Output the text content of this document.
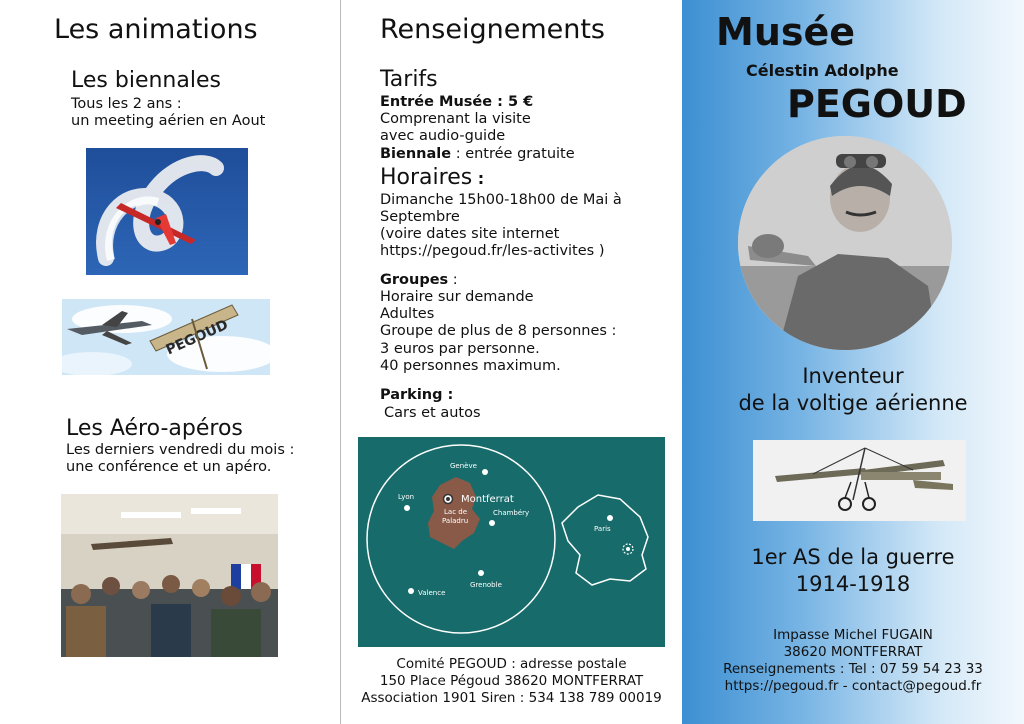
Les animations
Les biennales
Tous les 2 ans :
un meeting aérien en Aout
Les Aéro-apéros
Les derniers vendredi du mois :
une conférence et un apéro.
Renseignements
Tarifs
Entrée Musée : 5 €
Comprenant la visite
avec audio-guide
Biennale : entrée gratuite
Horaires :
Dimanche 15h00-18h00 de Mai à
Septembre
(voire dates site internet
https://pegoud.fr/les-activites )
Groupes :
Horaire sur demande
Adultes
Groupe de plus de 8 personnes :
3 euros par personne.
40 personnes maximum.
Parking :
Cars et autos
Montferrat
Lac de
Paladru
Genève
Lyon
Chambéry
Grenoble
Valence
Paris
Comité PEGOUD : adresse postale
150 Place Pégoud 38620 MONTFERRAT
Association 1901 Siren : 534 138 789 00019
Musée
Célestin Adolphe
PEGOUD
Inventeur
de la voltige aérienne
1er AS de la guerre
1914-1918
Impasse Michel FUGAIN
38620 MONTFERRAT
Renseignements : Tel : 07 59 54 23 33
https://pegoud.fr - contact@pegoud.fr
